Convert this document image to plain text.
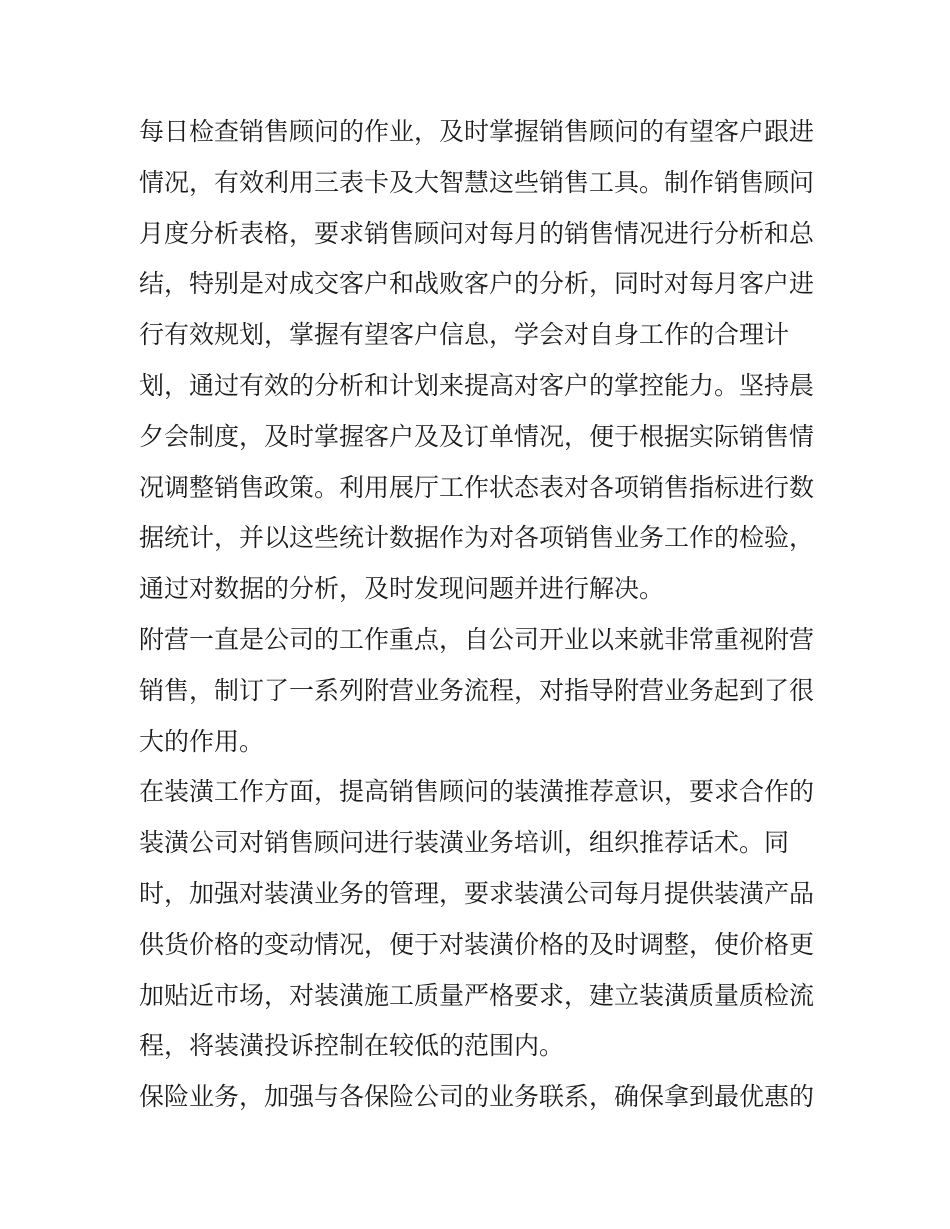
每日检查销售顾问的作业，及时掌握销售顾问的有望客户跟进
情况，有效利用三表卡及大智慧这些销售工具。制作销售顾问
月度分析表格，要求销售顾问对每月的销售情况进行分析和总
结，特别是对成交客户和战败客户的分析，同时对每月客户进
行有效规划，掌握有望客户信息，学会对自身工作的合理计
划，通过有效的分析和计划来提高对客户的掌控能力。坚持晨
夕会制度，及时掌握客户及及订单情况，便于根据实际销售情
况调整销售政策。利用展厅工作状态表对各项销售指标进行数
据统计，并以这些统计数据作为对各项销售业务工作的检验，
通过对数据的分析，及时发现问题并进行解决。
附营一直是公司的工作重点，自公司开业以来就非常重视附营
销售，制订了一系列附营业务流程，对指导附营业务起到了很
大的作用。
在装潢工作方面，提高销售顾问的装潢推荐意识，要求合作的
装潢公司对销售顾问进行装潢业务培训，组织推荐话术。同
时，加强对装潢业务的管理，要求装潢公司每月提供装潢产品
供货价格的变动情况，便于对装潢价格的及时调整，使价格更
加贴近市场，对装潢施工质量严格要求，建立装潢质量质检流
程，将装潢投诉控制在较低的范围内。
保险业务，加强与各保险公司的业务联系，确保拿到最优惠的
